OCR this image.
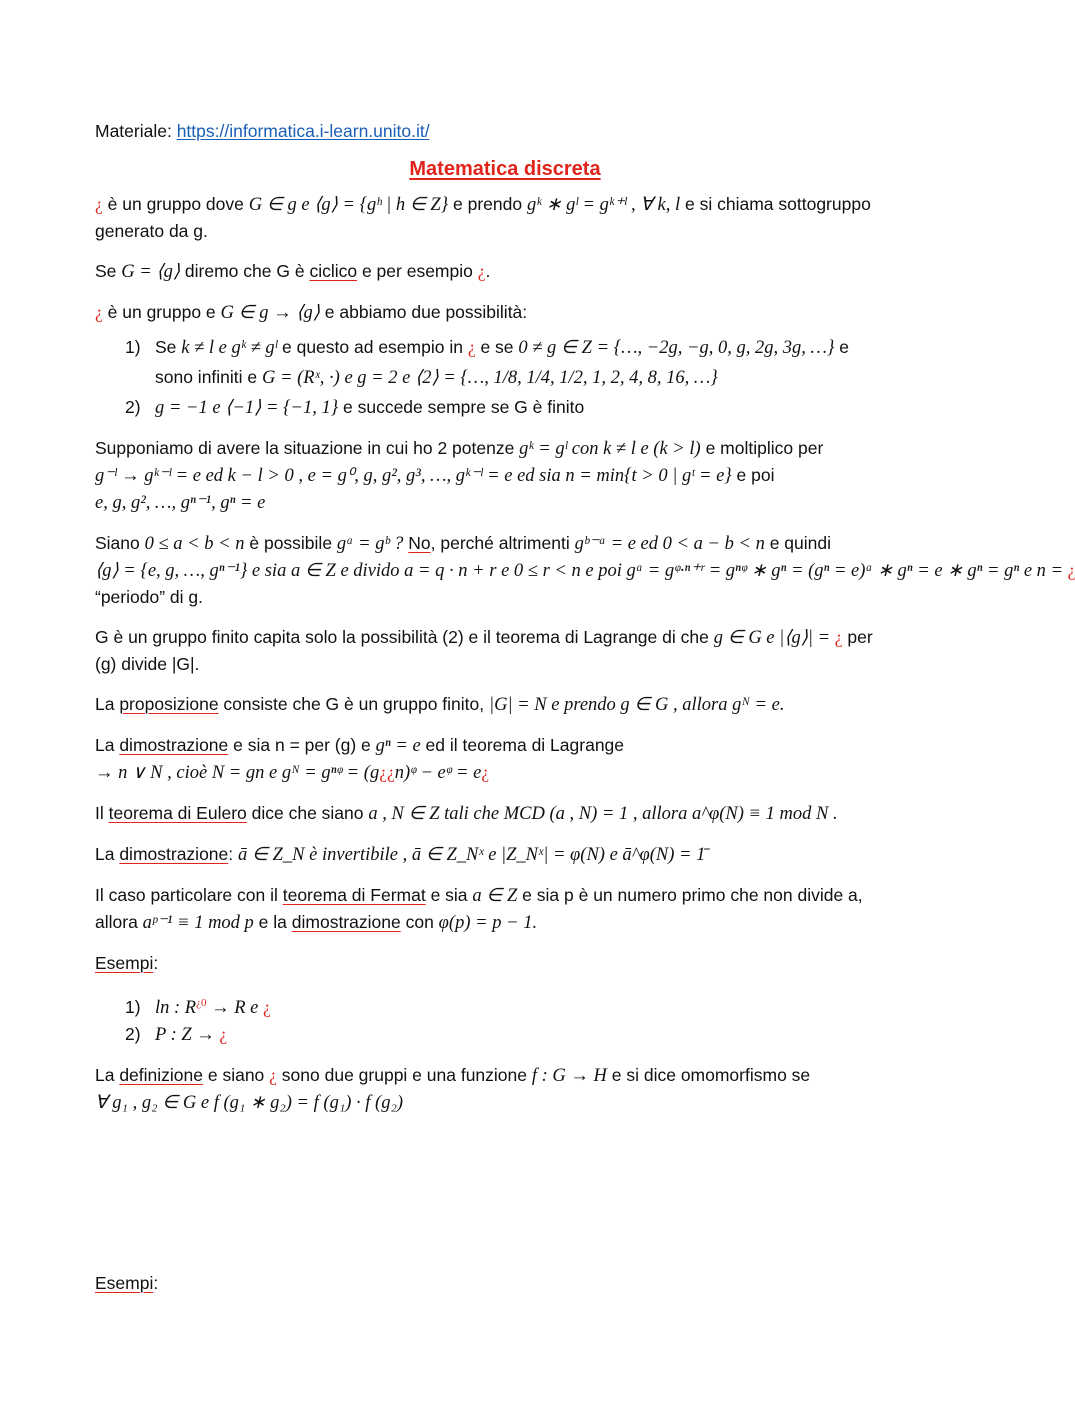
Materiale: https://informatica.i-learn.unito.it/
Matematica discreta
¿ è un gruppo dove G ∈ g e ⟨g⟩ = {gʰ | h ∈ Z} e prendo gᵏ ∗ gˡ = gᵏ⁺ˡ , ∀ k, l e si chiama sottogruppo
generato da g.
Se G = ⟨g⟩ diremo che G è ciclico e per esempio ¿.
¿ è un gruppo e G ∈ g → ⟨g⟩ e abbiamo due possibilità:
1) Se k ≠ l e gᵏ ≠ gˡ e questo ad esempio in ¿ e se 0 ≠ g ∈ Z = {…, −2g, −g, 0, g, 2g, 3g, …} e
sono infiniti e G = (Rˣ, ·) e g = 2 e ⟨2⟩ = {…, 1/8, 1/4, 1/2, 1, 2, 4, 8, 16, …}
2) g = −1 e ⟨−1⟩ = {−1, 1} e succede sempre se G è finito
Supponiamo di avere la situazione in cui ho 2 potenze gᵏ = gˡ con k ≠ l e (k > l) e moltiplico per
g⁻ˡ → gᵏ⁻ˡ = e ed k − l > 0 , e = g⁰, g, g², g³, …, gᵏ⁻ˡ = e ed sia n = min{t > 0 | gᵗ = e} e poi
e, g, g², …, gⁿ⁻¹, gⁿ = e
Siano 0 ≤ a < b < n è possibile gᵃ = gᵇ ? No, perché altrimenti gᵇ⁻ᵃ = e ed 0 < a − b < n e quindi
⟨g⟩ = {e, g, …, gⁿ⁻¹} e sia a ∈ Z e divido a = q · n + r e 0 ≤ r < n e poi gᵃ = gᵠ·ⁿ⁺ʳ = gⁿᵠ ∗ gⁿ = (gⁿ = e)ᵃ ∗ gⁿ = e ∗ gⁿ = gⁿ e n = ¿
“periodo” di g.
G è un gruppo finito capita solo la possibilità (2) e il teorema di Lagrange di che g ∈ G e |⟨g⟩| = ¿ per
(g) divide |G|.
La proposizione consiste che G è un gruppo finito, |G| = N e prendo g ∈ G , allora gᴺ = e.
La dimostrazione e sia n = per (g) e gⁿ = e ed il teorema di Lagrange
→ n ∨ N , cioè N = gn e gᴺ = gⁿᵠ = (g¿¿n)ᵠ − eᵠ = e¿
Il teorema di Eulero dice che siano a , N ∈ Z tali che MCD (a , N) = 1 , allora a^φ(N) ≡ 1 mod N .
La dimostrazione: ā ∈ Z_N è invertibile , ā ∈ Z_Nˣ e |Z_Nˣ| = φ(N) e ā^φ(N) = 1̄
Il caso particolare con il teorema di Fermat e sia a ∈ Z e sia p è un numero primo che non divide a,
allora aᵖ⁻¹ ≡ 1 mod p e la dimostrazione con φ(p) = p − 1.
Esempi:
1) ln : $R^{¿0} \to R$ e ¿
2) P : Z → ¿
La definizione e siano ¿ sono due gruppi e una funzione f : G → H e si dice omomorfismo se
∀ g₁ , g₂ ∈ G e f (g₁ ∗ g₂) = f (g₁) · f (g₂)
Esempi:
